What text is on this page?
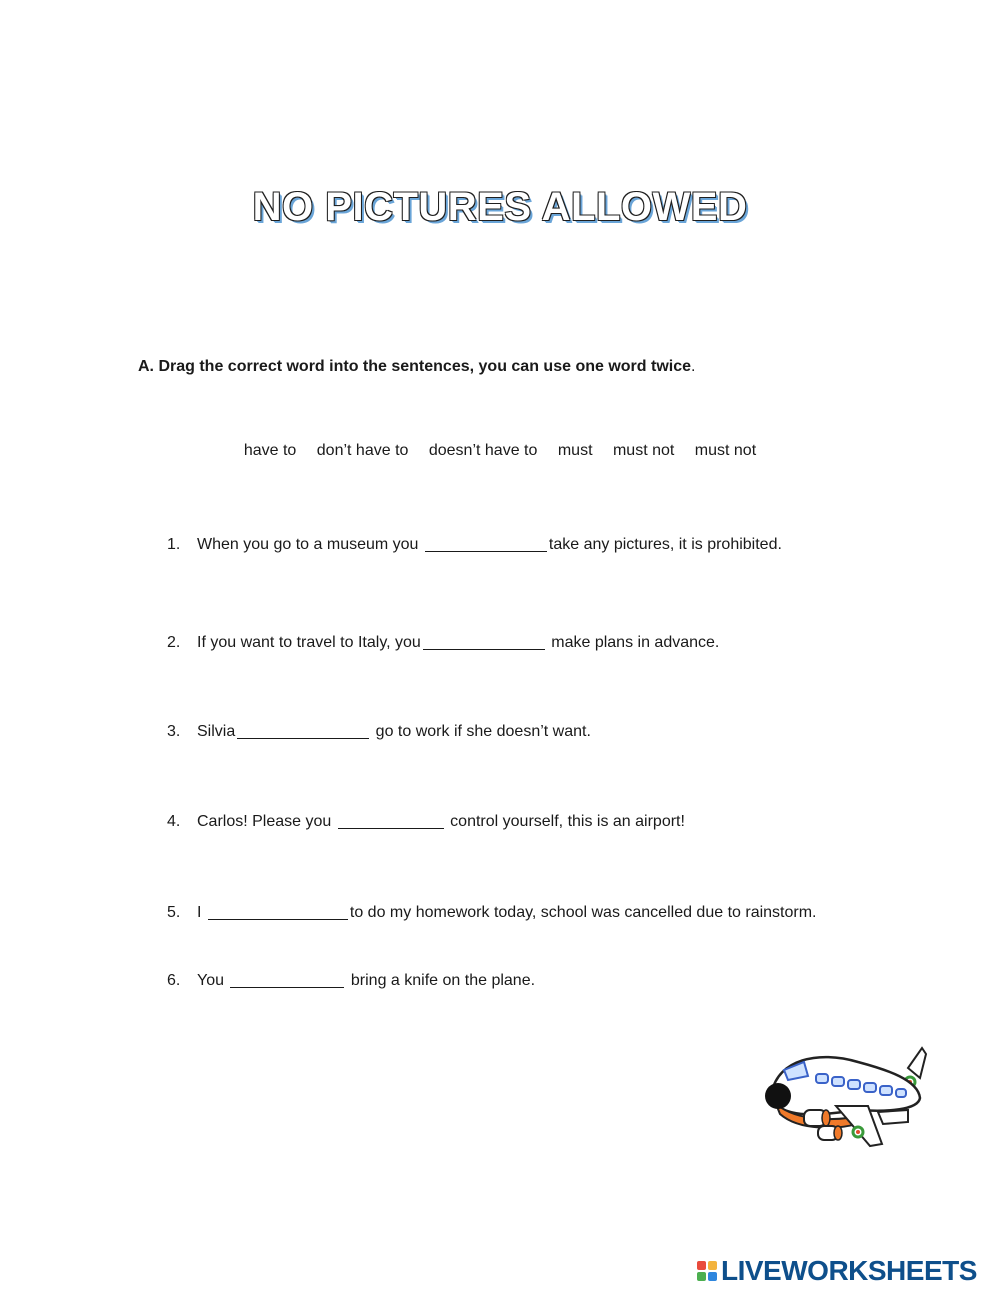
NO PICTURES ALLOWED
A. Drag the correct word into the sentences, you can use one word twice.
have to don’t have to doesn’t have to must must not must not
1. When you go to a museum you	take any pictures, it is prohibited.
2. If you want to travel to Italy, you	make plans in advance.
3. Silvia	go to work if she doesn’t want.
4. Carlos! Please you	control yourself, this is an airport!
5. I	to do my homework today, school was cancelled due to rainstorm.
6. You	bring a knife on the plane.
LIVEWORKSHEETS
